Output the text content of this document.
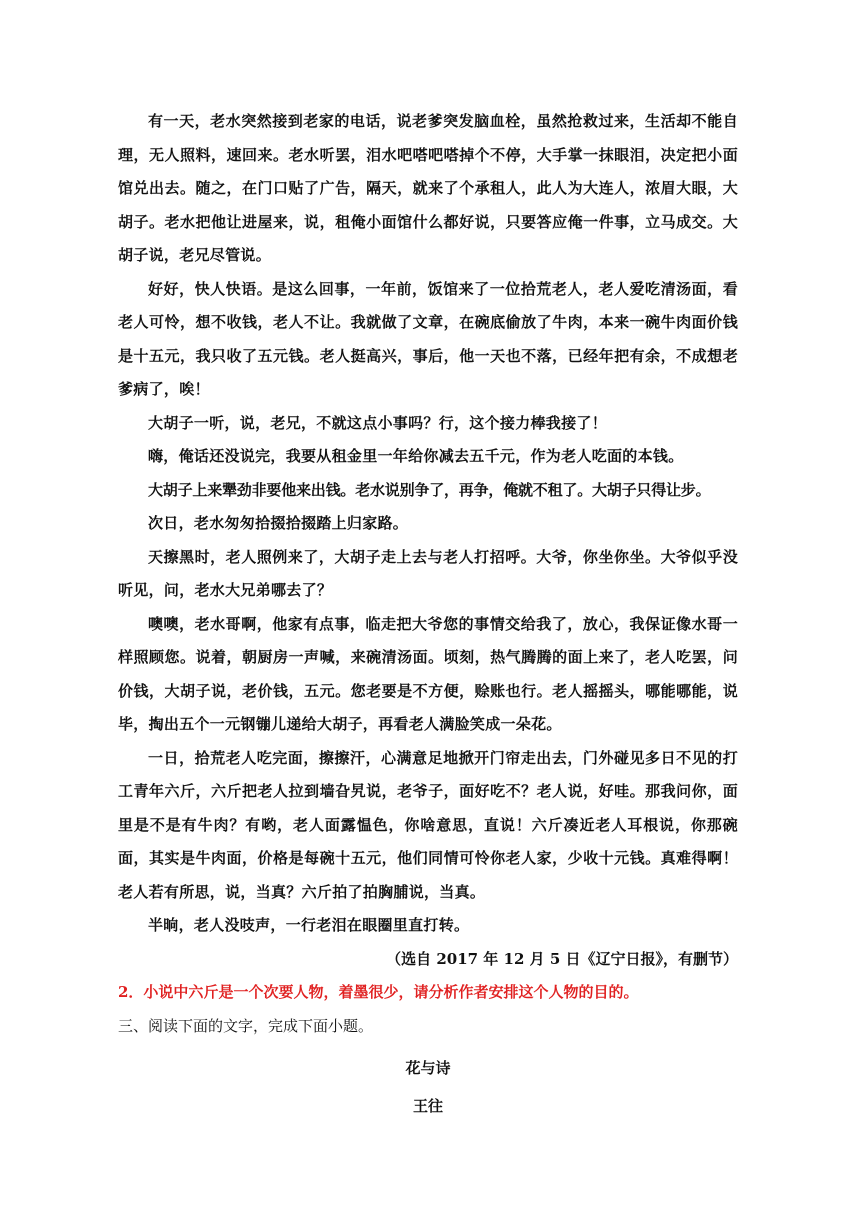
有一天，老水突然接到老家的电话，说老爹突发脑血栓，虽然抢救过来，生活却不能自理，无人照料，速回来。老水听罢，泪水吧嗒吧嗒掉个不停，大手掌一抹眼泪，决定把小面馆兑出去。随之，在门口贴了广告，隔天，就来了个承租人，此人为大连人，浓眉大眼，大胡子。老水把他让进屋来，说，租俺小面馆什么都好说，只要答应俺一件事，立马成交。大胡子说，老兄尽管说。

好好，快人快语。是这么回事，一年前，饭馆来了一位拾荒老人，老人爱吃清汤面，看老人可怜，想不收钱，老人不让。我就做了文章，在碗底偷放了牛肉，本来一碗牛肉面价钱是十五元，我只收了五元钱。老人挺高兴，事后，他一天也不落，已经年把有余，不成想老爹病了，唉！

大胡子一听，说，老兄，不就这点小事吗？行，这个接力棒我接了！

嗨，俺话还没说完，我要从租金里一年给你减去五千元，作为老人吃面的本钱。

大胡子上来犟劲非要他来出钱。老水说别争了，再争，俺就不租了。大胡子只得让步。

次日，老水匆匆拾掇拾掇踏上归家路。

天擦黑时，老人照例来了，大胡子走上去与老人打招呼。大爷，你坐你坐。大爷似乎没听见，问，老水大兄弟哪去了？

噢噢，老水哥啊，他家有点事，临走把大爷您的事情交给我了，放心，我保证像水哥一样照顾您。说着，朝厨房一声喊，来碗清汤面。顷刻，热气腾腾的面上来了，老人吃罢，问价钱，大胡子说，老价钱，五元。您老要是不方便，赊账也行。老人摇摇头，哪能哪能，说毕，掏出五个一元钢镚儿递给大胡子，再看老人满脸笑成一朵花。

一日，拾荒老人吃完面，擦擦汗，心满意足地掀开门帘走出去，门外碰见多日不见的打工青年六斤，六斤把老人拉到墙旮旯说，老爷子，面好吃不？老人说，好哇。那我问你，面里是不是有牛肉？有哟，老人面露愠色，你啥意思，直说！六斤凑近老人耳根说，你那碗面，其实是牛肉面，价格是每碗十五元，他们同情可怜你老人家，少收十元钱。真难得啊！老人若有所思，说，当真？六斤拍了拍胸脯说，当真。

半晌，老人没吱声，一行老泪在眼圈里直打转。

（选自 2017 年 12 月 5 日《辽宁日报》，有删节）

2．小说中六斤是一个次要人物，着墨很少，请分析作者安排这个人物的目的。

三、阅读下面的文字，完成下面小题。

花与诗

王往
